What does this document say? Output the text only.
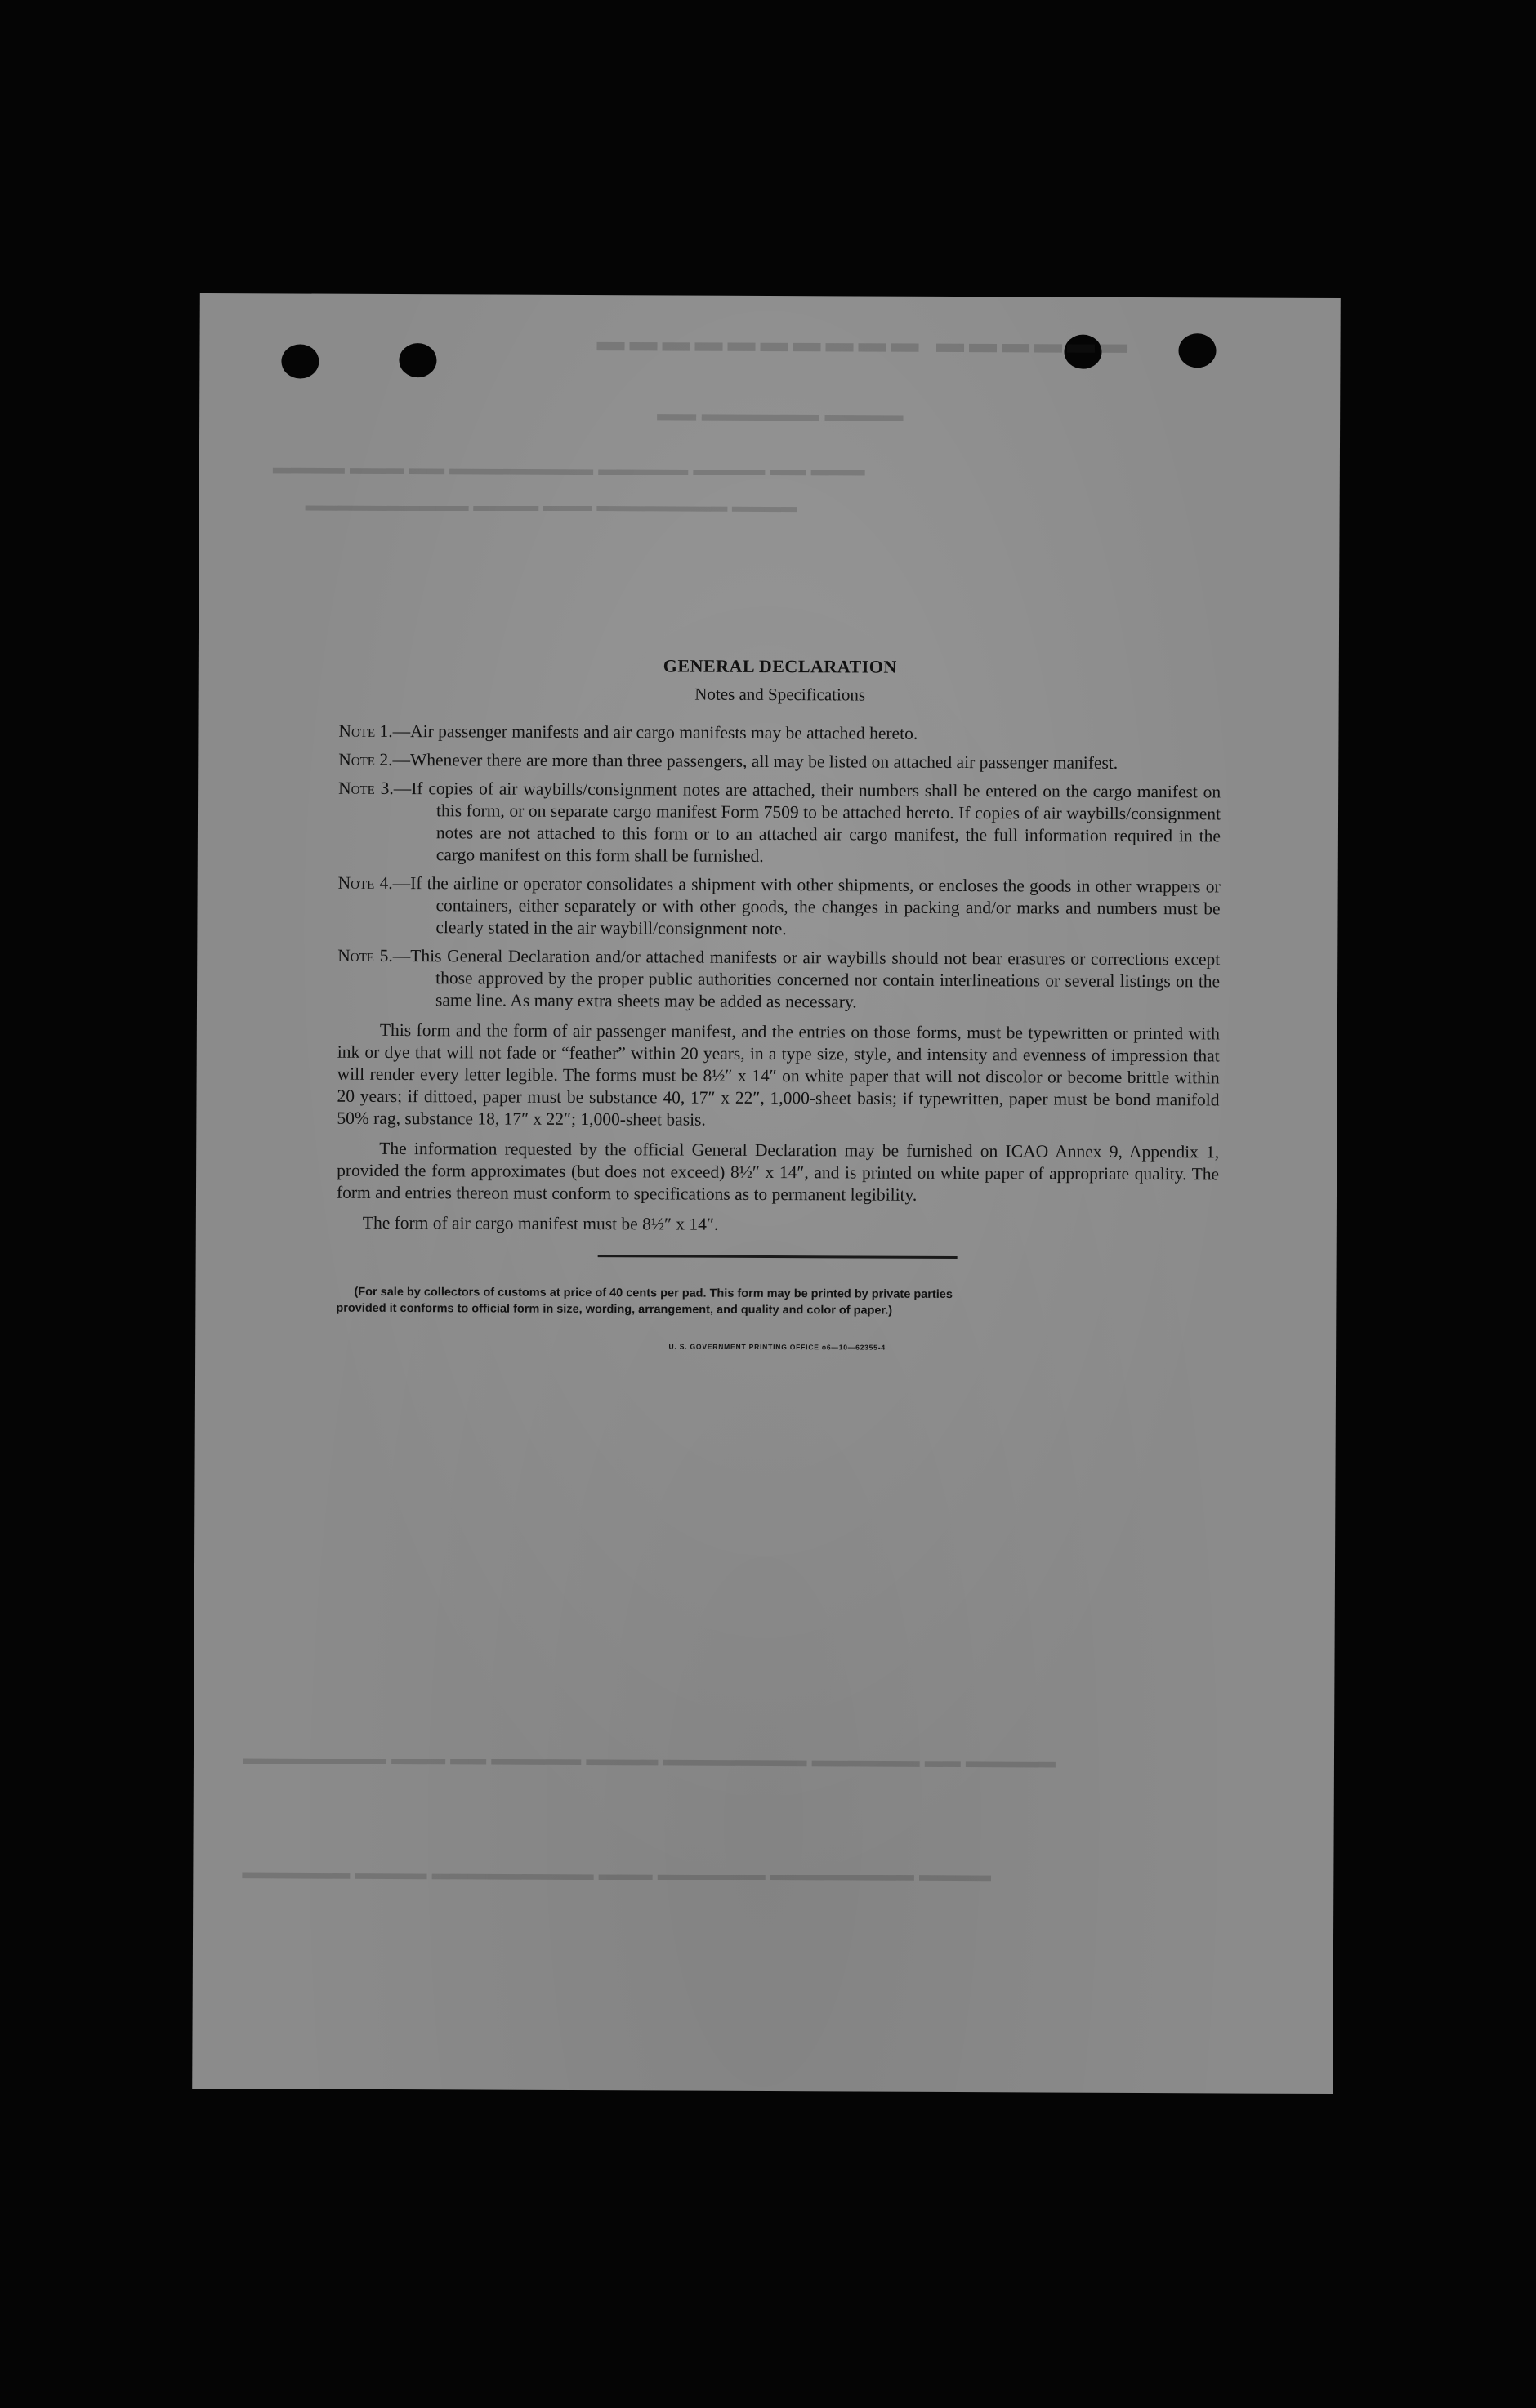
▬▬▬▬▬▬ ▬▬▬▬▬▬▬▬▬▬
▬▬▬▬ ▬▬▬▬▬▬ ▬▬
▬▬▬ ▬▬ ▬▬▬▬ ▬▬▬▬▬ ▬▬▬▬▬▬▬▬ ▬▬ ▬▬▬ ▬▬▬▬
▬▬▬▬ ▬▬▬▬▬▬▬▬ ▬▬▬ ▬▬▬▬ ▬▬▬▬▬▬▬▬▬▬
▬▬▬▬▬ ▬▬ ▬▬▬▬▬▬ ▬▬▬▬▬▬▬▬ ▬▬▬▬ ▬▬▬▬▬ ▬▬ ▬▬▬ ▬▬▬▬▬▬▬▬
▬▬▬▬ ▬▬▬▬▬▬▬▬ ▬▬▬▬▬▬ ▬▬▬ ▬▬▬▬▬▬▬▬▬ ▬▬▬▬ ▬▬▬▬▬▬
GENERAL DECLARATION
Notes and Specifications
Note 1.—Air passenger manifests and air cargo manifests may be attached hereto.
Note 2.—Whenever there are more than three passengers, all may be listed on attached air passenger manifest.
Note 3.—If copies of air waybills/consignment notes are attached, their numbers shall be entered on the cargo manifest on this form, or on separate cargo manifest Form 7509 to be attached hereto. If copies of air waybills/consignment notes are not attached to this form or to an attached air cargo manifest, the full information required in the cargo manifest on this form shall be furnished.
Note 4.—If the airline or operator consolidates a shipment with other shipments, or encloses the goods in other wrappers or containers, either separately or with other goods, the changes in packing and/or marks and numbers must be clearly stated in the air waybill/consignment note.
Note 5.—This General Declaration and/or attached manifests or air waybills should not bear erasures or corrections except those approved by the proper public authorities concerned nor contain interlineations or several listings on the same line. As many extra sheets may be added as necessary.

This form and the form of air passenger manifest, and the entries on those forms, must be typewritten or printed with ink or dye that will not fade or “feather” within 20 years, in a type size, style, and intensity and evenness of impression that will render every letter legible. The forms must be 8½″ x 14″ on white paper that will not discolor or become brittle within 20 years; if dittoed, paper must be substance 40, 17″ x 22″, 1,000-sheet basis; if typewritten, paper must be bond manifold 50% rag, substance 18, 17″ x 22″; 1,000-sheet basis.

The information requested by the official General Declaration may be furnished on ICAO Annex 9, Appendix 1, provided the form approximates (but does not exceed) 8½″ x 14″, and is printed on white paper of appropriate quality. The form and entries thereon must conform to specifications as to permanent legibility.

The form of air cargo manifest must be 8½″ x 14″.

(For sale by collectors of customs at price of 40 cents per pad. This form may be printed by private parties
provided it conforms to official form in size, wording, arrangement, and quality and color of paper.)
U. S. GOVERNMENT PRINTING OFFICE o6—10—62355-4
